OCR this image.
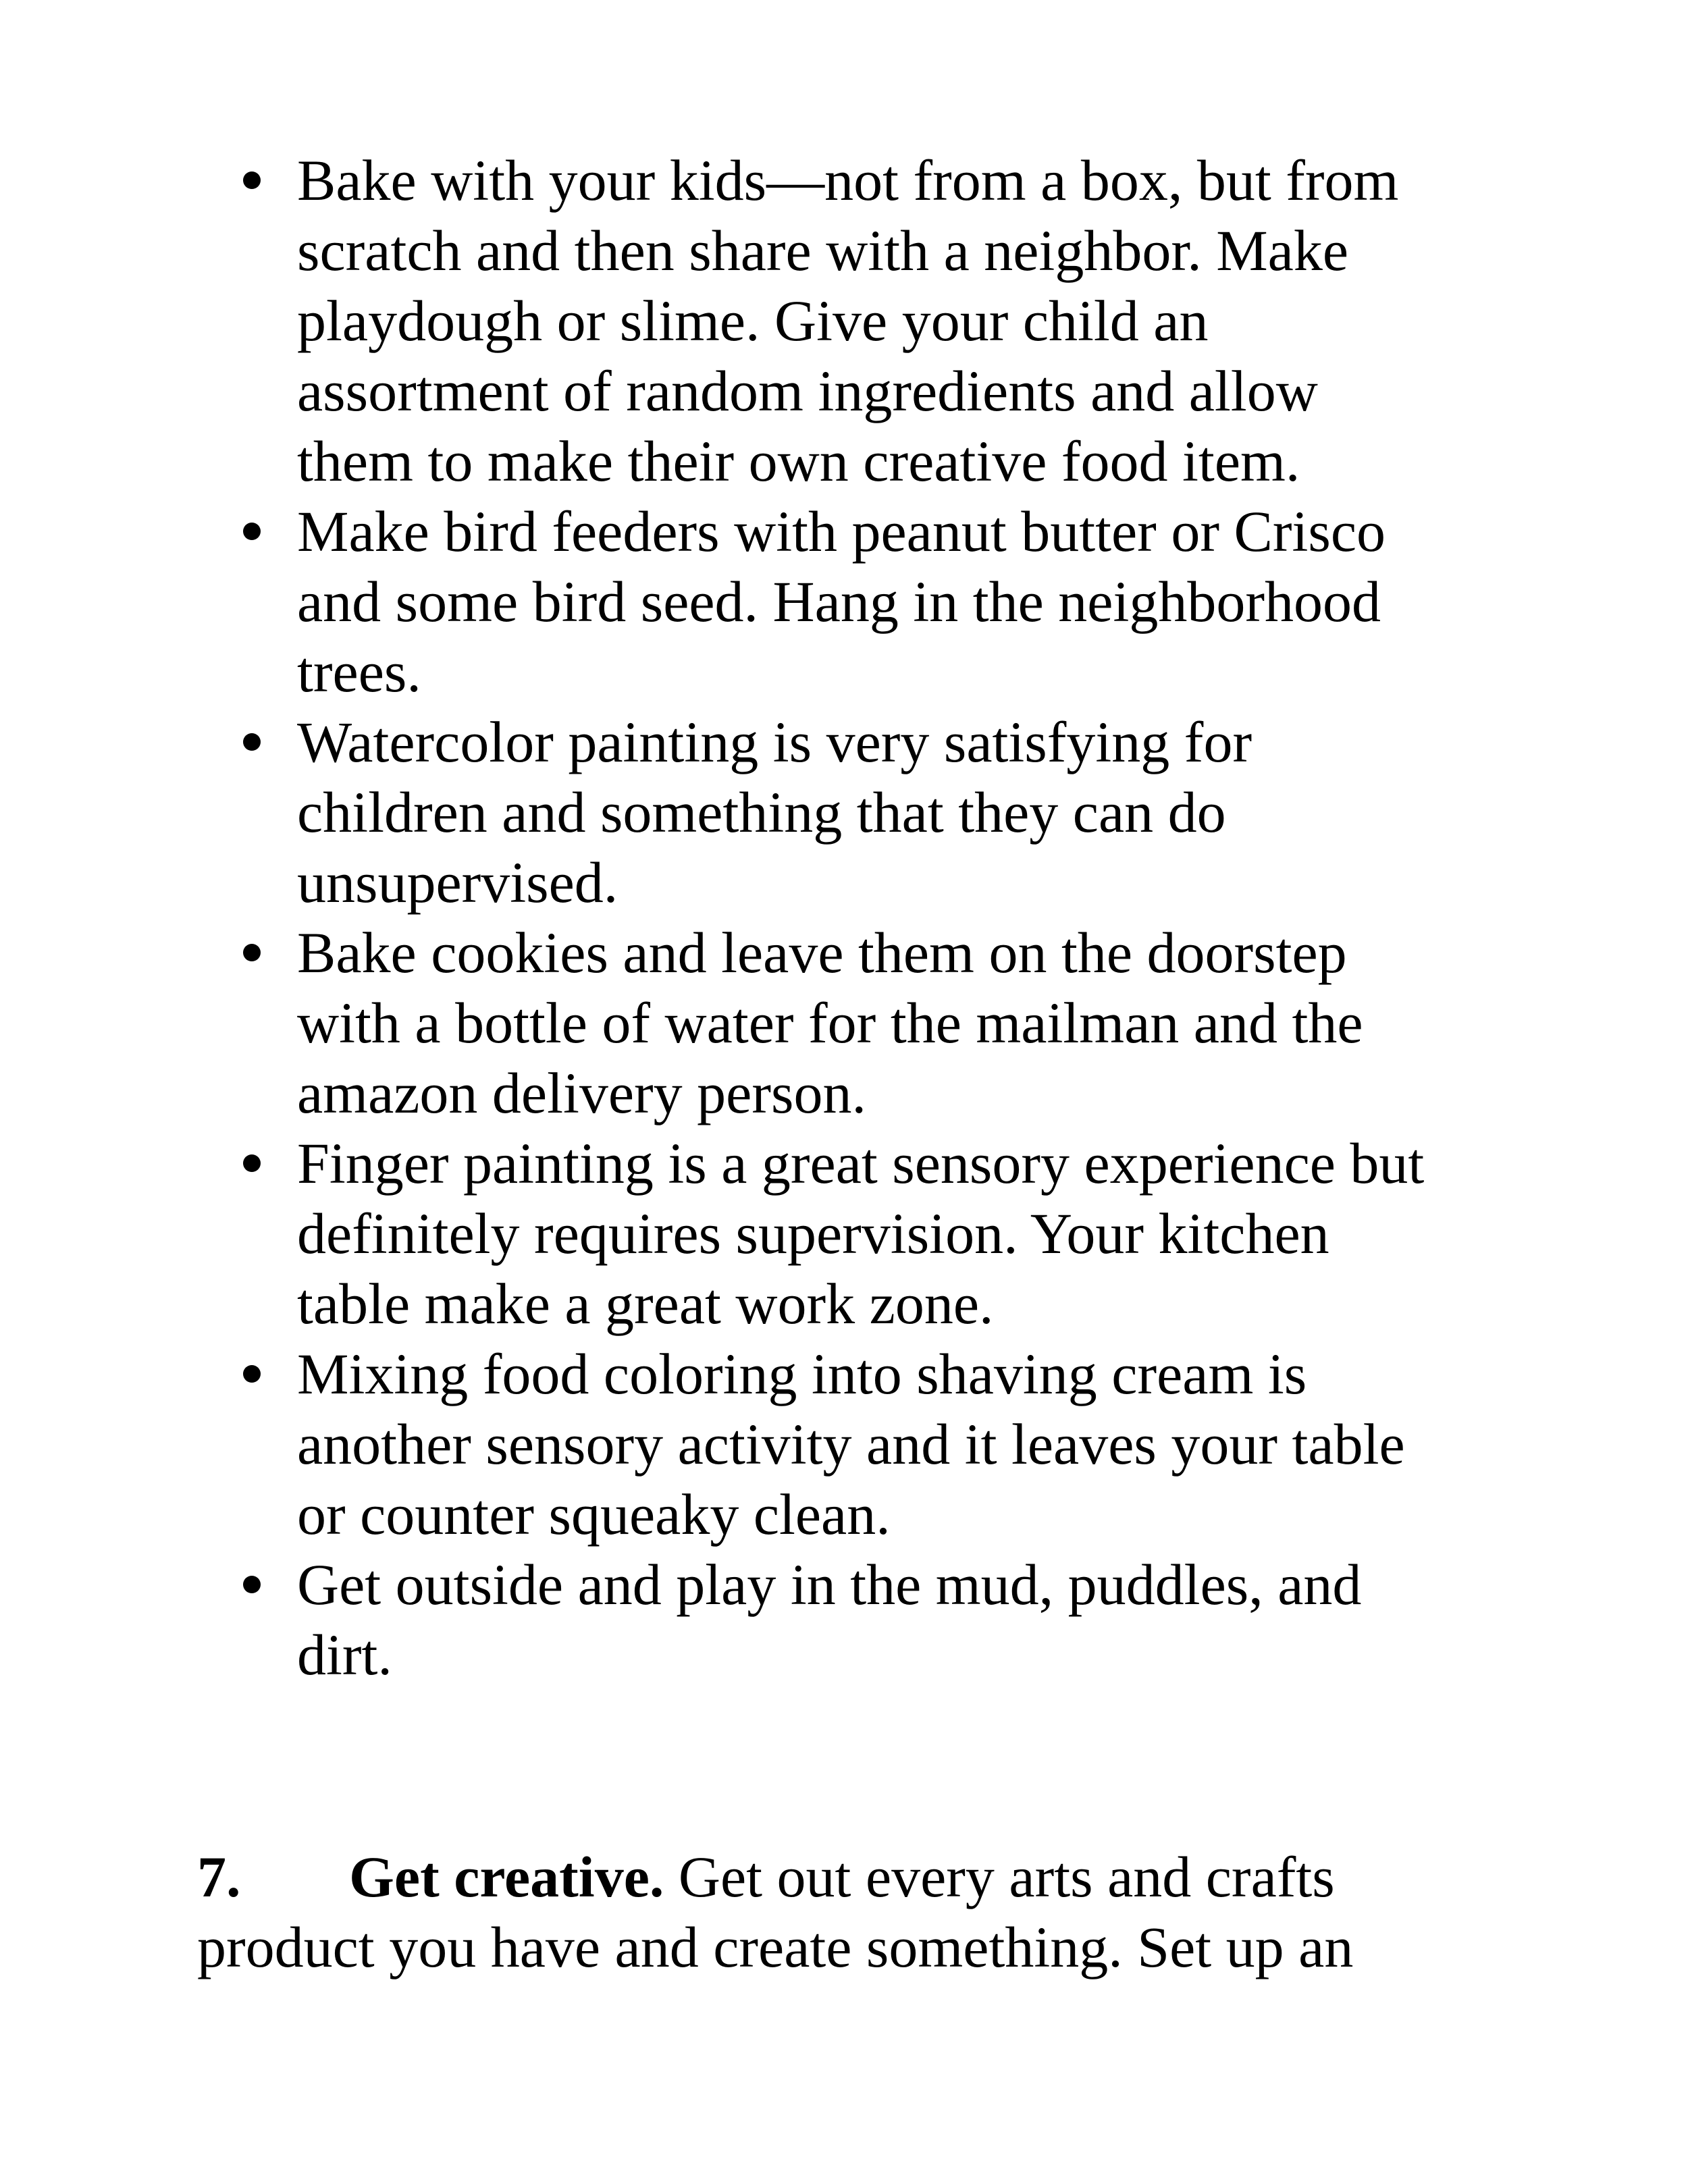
Bake with your kids—not from a box, but from
scratch and then share with a neighbor. Make
playdough or slime. Give your child an
assortment of random ingredients and allow
them to make their own creative food item.
Make bird feeders with peanut butter or Crisco
and some bird seed. Hang in the neighborhood
trees.
Watercolor painting is very satisfying for
children and something that they can do
unsupervised.
Bake cookies and leave them on the doorstep
with a bottle of water for the mailman and the
amazon delivery person.
Finger painting is a great sensory experience but
definitely requires supervision. Your kitchen
table make a great work zone.
Mixing food coloring into shaving cream is
another sensory activity and it leaves your table
or counter squeaky clean.
Get outside and play in the mud, puddles, and
dirt.
7. Get creative. Get out every arts and crafts
product you have and create something. Set up an
